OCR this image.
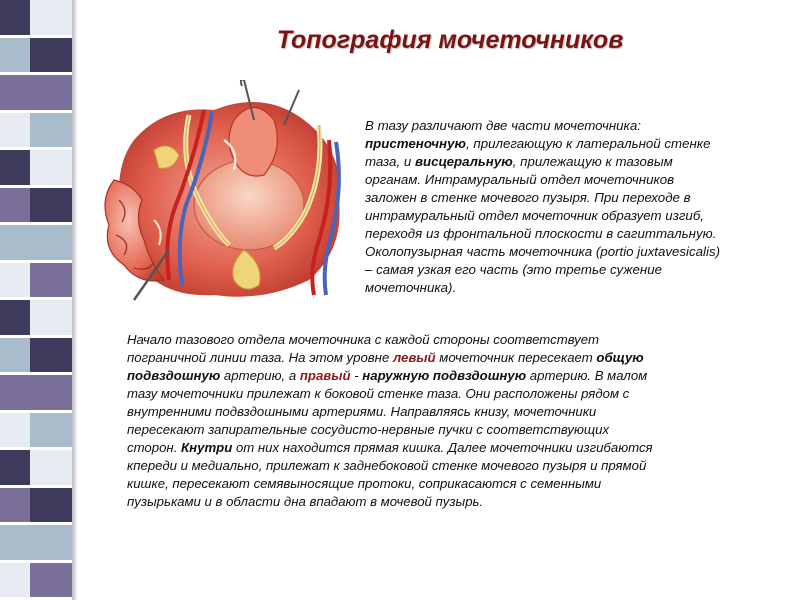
Топография мочеточников
В тазу различают две части мочеточника:
пристеночную, прилегающую к латеральной стенке
таза, и висцеральную, прилежащую к тазовым
органам. Интрамуральный отдел мочеточников
заложен в стенке мочевого пузыря. При переходе в
интрамуральный отдел мочеточник образует изгиб,
переходя из фронтальной плоскости в сагиттальную.
Околопузырная часть мочеточника (portio juxtavesicalis)
– самая узкая его часть (это третье сужение
мочеточника).
Начало тазового отдела мочеточника с каждой стороны соответствует
пограничной линии таза. На этом уровне левый мочеточник пересекает общую
подвздошную артерию, а правый - наружную подвздошную артерию. В малом
тазу мочеточники прилежат к боковой стенке таза. Они расположены рядом с
внутренними подвздошными артериями. Направляясь книзу, мочеточники
пересекают запирательные сосудисто-нервные пучки с соответствующих
сторон. Кнутри от них находится прямая кишка. Далее мочеточники изгибаются
кпереди и медиально, прилежат к заднебоковой стенке мочевого пузыря и прямой
кишке, пересекают семявыносящие протоки, соприкасаются с семенными
пузырьками и в области дна впадают в мочевой пузырь.
